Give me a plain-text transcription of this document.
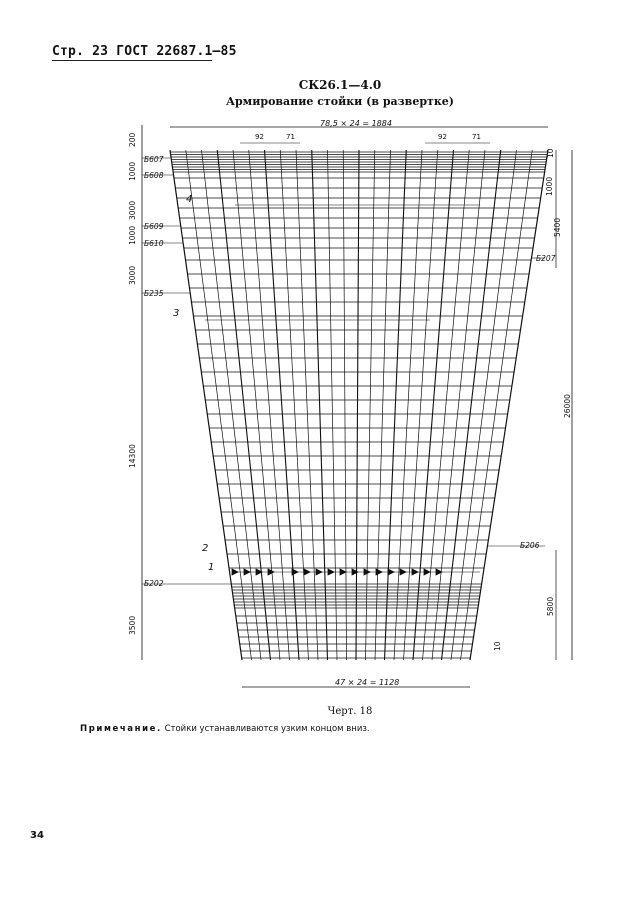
Стр. 23 ГОСТ 22687.1—85
СК26.1—4.0
Армирование стойки (в развертке)
78,5 × 24 = 1884
47 × 24 = 1128
92	71	92	71
200
1000
3000
1000
3000
14300
3500
10
1000
5400
26000
5800
10
Б607
Б608
Б609
Б610
Б235
Б202
Б207
Б206
1
2
3
4
Черт. 18
Примечание. Стойки устанавливаются узким концом вниз.
34
